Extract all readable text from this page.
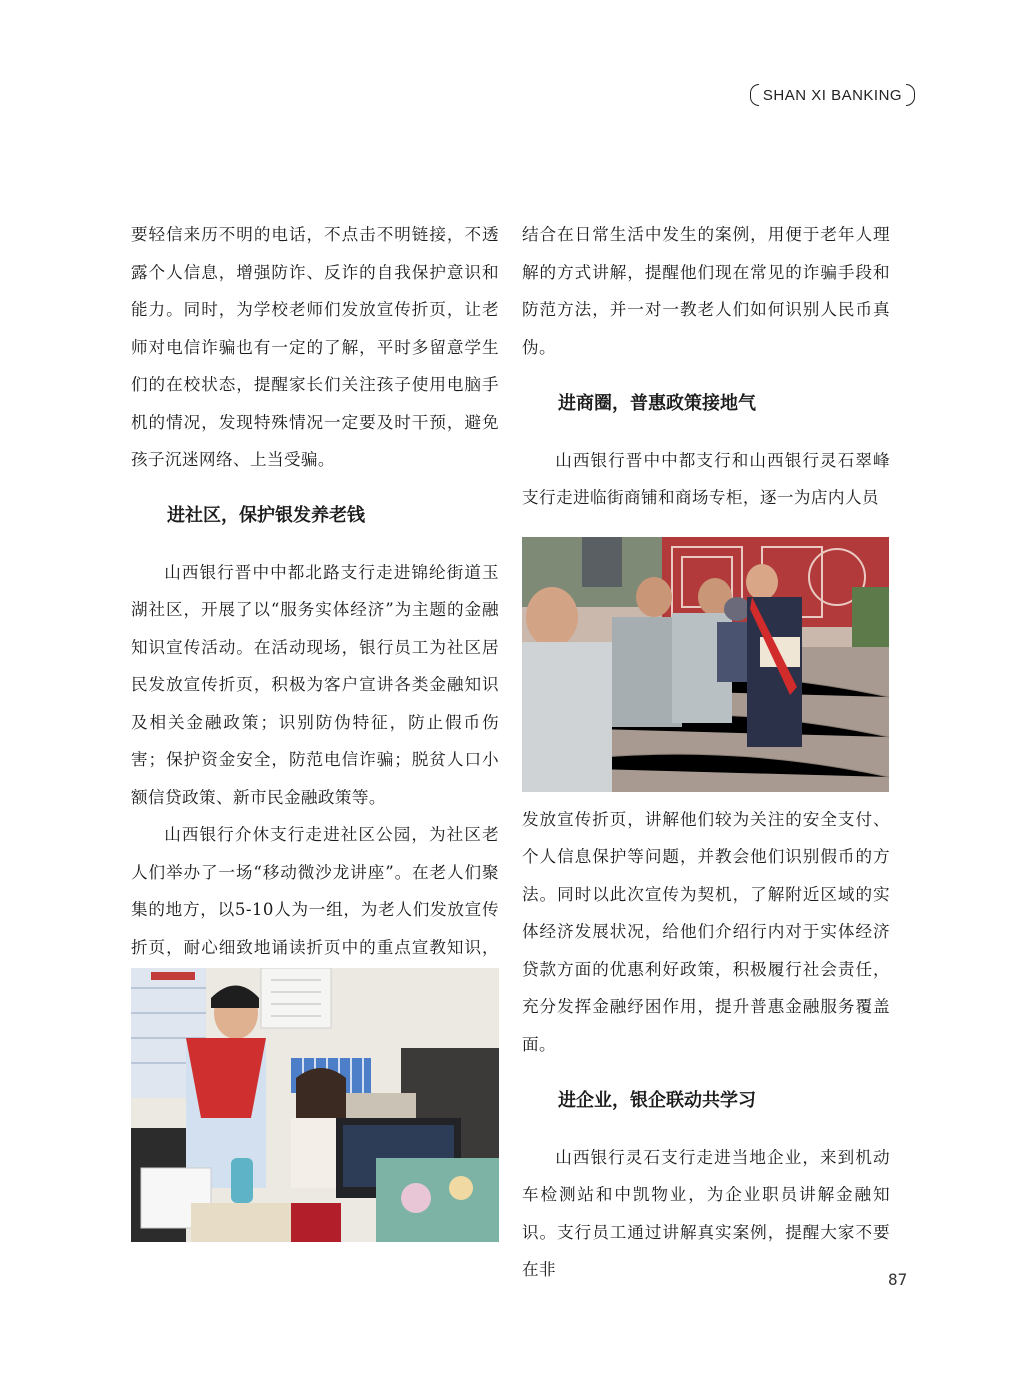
SHAN XI BANKING

要轻信来历不明的电话，不点击不明链接，不透露个人信息，增强防诈、反诈的自我保护意识和能力。同时，为学校老师们发放宣传折页，让老师对电信诈骗也有一定的了解，平时多留意学生们的在校状态，提醒家长们关注孩子使用电脑手机的情况，发现特殊情况一定要及时干预，避免孩子沉迷网络、上当受骗。

进社区，保护银发养老钱

山西银行晋中中都北路支行走进锦纶街道玉湖社区，开展了以“服务实体经济”为主题的金融知识宣传活动。在活动现场，银行员工为社区居民发放宣传折页，积极为客户宣讲各类金融知识及相关金融政策；识别防伪特征，防止假币伤害；保护资金安全，防范电信诈骗；脱贫人口小额信贷政策、新市民金融政策等。

山西银行介休支行走进社区公园，为社区老人们举办了一场“移动微沙龙讲座”。在老人们聚集的地方，以5-10人为一组，为老人们发放宣传折页，耐心细致地诵读折页中的重点宣教知识，

结合在日常生活中发生的案例，用便于老年人理解的方式讲解，提醒他们现在常见的诈骗手段和防范方法，并一对一教老人们如何识别人民币真伪。

进商圈，普惠政策接地气

山西银行晋中中都支行和山西银行灵石翠峰支行走进临街商铺和商场专柜，逐一为店内人员

发放宣传折页，讲解他们较为关注的安全支付、个人信息保护等问题，并教会他们识别假币的方法。同时以此次宣传为契机，了解附近区域的实体经济发展状况，给他们介绍行内对于实体经济贷款方面的优惠利好政策，积极履行社会责任，充分发挥金融纾困作用，提升普惠金融服务覆盖面。

进企业，银企联动共学习

山西银行灵石支行走进当地企业，来到机动车检测站和中凯物业，为企业职员讲解金融知识。支行员工通过讲解真实案例，提醒大家不要在非

87
